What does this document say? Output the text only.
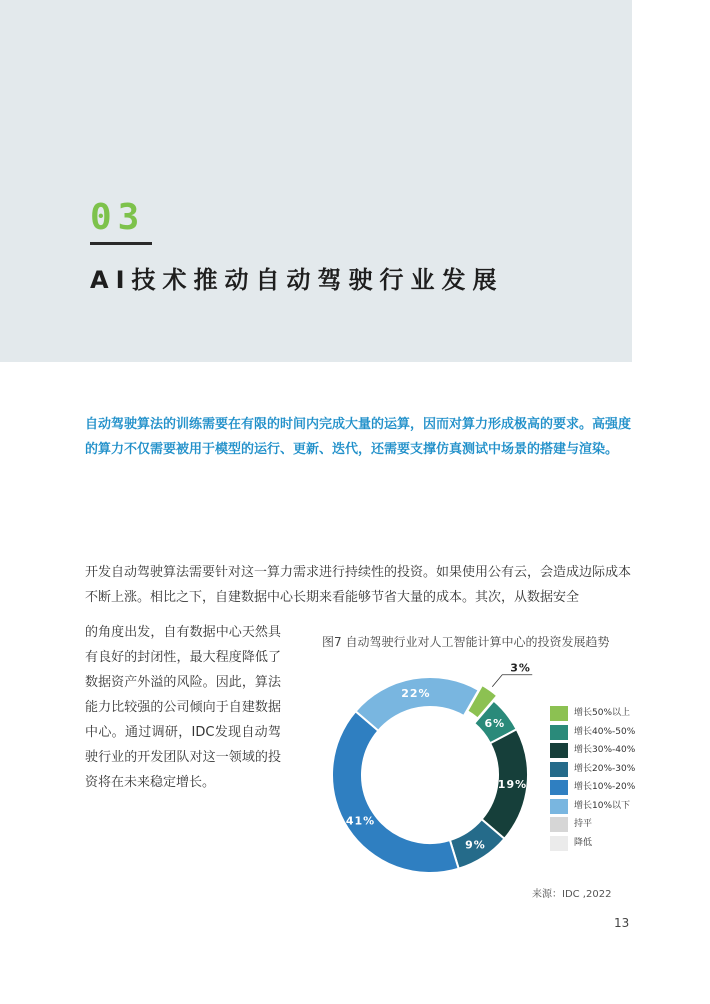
03
AI技术推动自动驾驶行业发展
自动驾驶算法的训练需要在有限的时间内完成大量的运算，因而对算力形成极高的要求。高强度的算力不仅需要被用于模型的运行、更新、迭代，还需要支撑仿真测试中场景的搭建与渲染。
开发自动驾驶算法需要针对这一算力需求进行持续性的投资。如果使用公有云，会造成边际成本不断上涨。相比之下，自建数据中心长期来看能够节省大量的成本。其次，从数据安全
的角度出发，自有数据中心天然具有良好的封闭性，最大程度降低了数据资产外溢的风险。因此，算法能力比较强的公司倾向于自建数据中心。通过调研，IDC发现自动驾驶行业的开发团队对这一领域的投资将在未来稳定增长。
图7 自动驾驶行业对人工智能计算中心的投资发展趋势
3%
6%
19%
9%
41%
22%
增长50%以上
增长40%-50%
增长30%-40%
增长20%-30%
增长10%-20%
增长10%以下
持平
降低
来源：IDC ,2022
13
